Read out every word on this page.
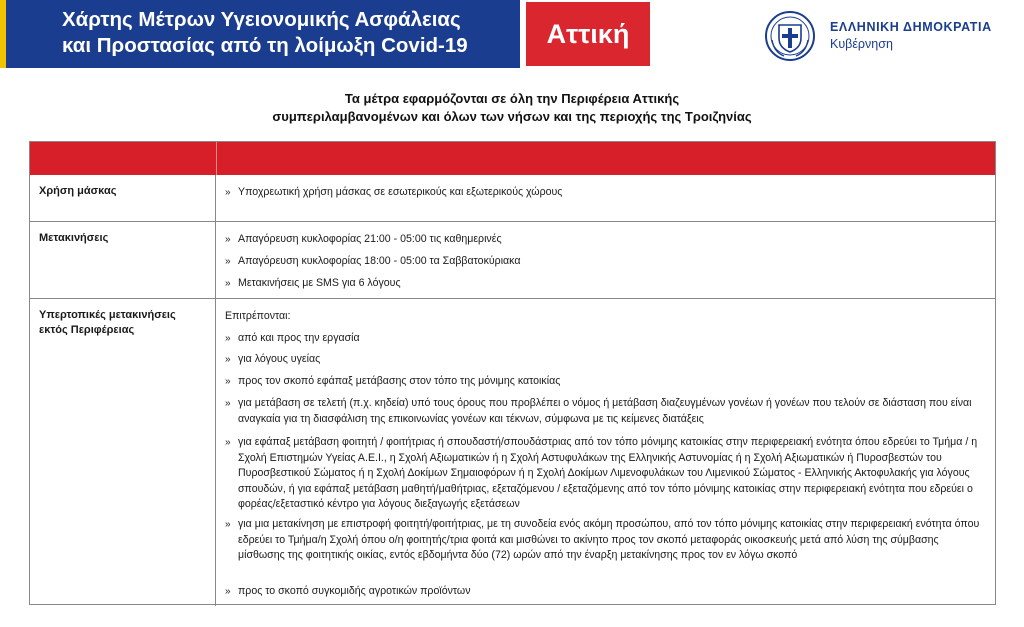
Χάρτης Μέτρων Υγειονομικής Ασφάλειας
και Προστασίας από τη λοίμωξη Covid-19	Αττική	ΕΛΛΗΝΙΚΗ ΔΗΜΟΚΡΑΤΙΑ
Κυβέρνηση
Τα μέτρα εφαρμόζονται σε όλη την Περιφέρεια Αττικής
συμπεριλαμβανομένων και όλων των νήσων και της περιοχής της Τροιζηνίας
Χρήση μάσκας	» Υποχρεωτική χρήση μάσκας σε εσωτερικούς και εξωτερικούς χώρους
Μετακινήσεις	» Απαγόρευση κυκλοφορίας 21:00 - 05:00 τις καθημερινές
» Απαγόρευση κυκλοφορίας 18:00 - 05:00 τα Σαββατοκύριακα
» Μετακινήσεις με SMS για 6 λόγους
Υπερτοπικές μετακινήσεις
εκτός Περιφέρειας
Επιτρέπονται:
» από και προς την εργασία
» για λόγους υγείας
» προς τον σκοπό εφάπαξ μετάβασης στον τόπο της μόνιμης κατοικίας
» για μετάβαση σε τελετή (π.χ. κηδεία) υπό τους όρους που προβλέπει ο νόμος ή μετάβαση διαζευγμένων γονέων ή γονέων που τελούν σε διάσταση που είναι αναγκαία για τη διασφάλιση της επικοινωνίας γονέων και τέκνων, σύμφωνα με τις κείμενες διατάξεις
» για εφάπαξ μετάβαση φοιτητή / φοιτήτριας ή σπουδαστή/σπουδάστριας από τον τόπο μόνιμης κατοικίας στην περιφερειακή ενότητα όπου εδρεύει το Τμήμα / η Σχολή Επιστημών Υγείας Α.Ε.Ι., η Σχολή Αξιωματικών ή η Σχολή Αστυφυλάκων της Ελληνικής Αστυνομίας ή η Σχολή Αξιωματικών ή Πυροσβεστών του Πυροσβεστικού Σώματος ή η Σχολή Δοκίμων Σημαιοφόρων ή η Σχολή Δοκίμων Λιμενοφυλάκων του Λιμενικού Σώματος - Ελληνικής Ακτοφυλακής για λόγους σπουδών, ή για εφάπαξ μετάβαση μαθητή/μαθήτριας, εξεταζόμενου / εξεταζόμενης από τον τόπο μόνιμης κατοικίας στην περιφερειακή ενότητα που εδρεύει ο φορέας/εξεταστικό κέντρο για λόγους διεξαγωγής εξετάσεων
» για μια μετακίνηση με επιστροφή φοιτητή/φοιτήτριας, με τη συνοδεία ενός ακόμη προσώπου, από τον τόπο μόνιμης κατοικίας στην περιφερειακή ενότητα όπου εδρεύει το Τμήμα/η Σχολή όπου ο/η φοιτητής/τρια φοιτά και μισθώνει το ακίνητο προς τον σκοπό μεταφοράς οικοσκευής μετά από λύση της σύμβασης μίσθωσης της φοιτητικής οικίας, εντός εβδομήντα δύο (72) ωρών από την έναρξη μετακίνησης προς τον εν λόγω σκοπό
» προς το σκοπό συγκομιδής αγροτικών προϊόντων
